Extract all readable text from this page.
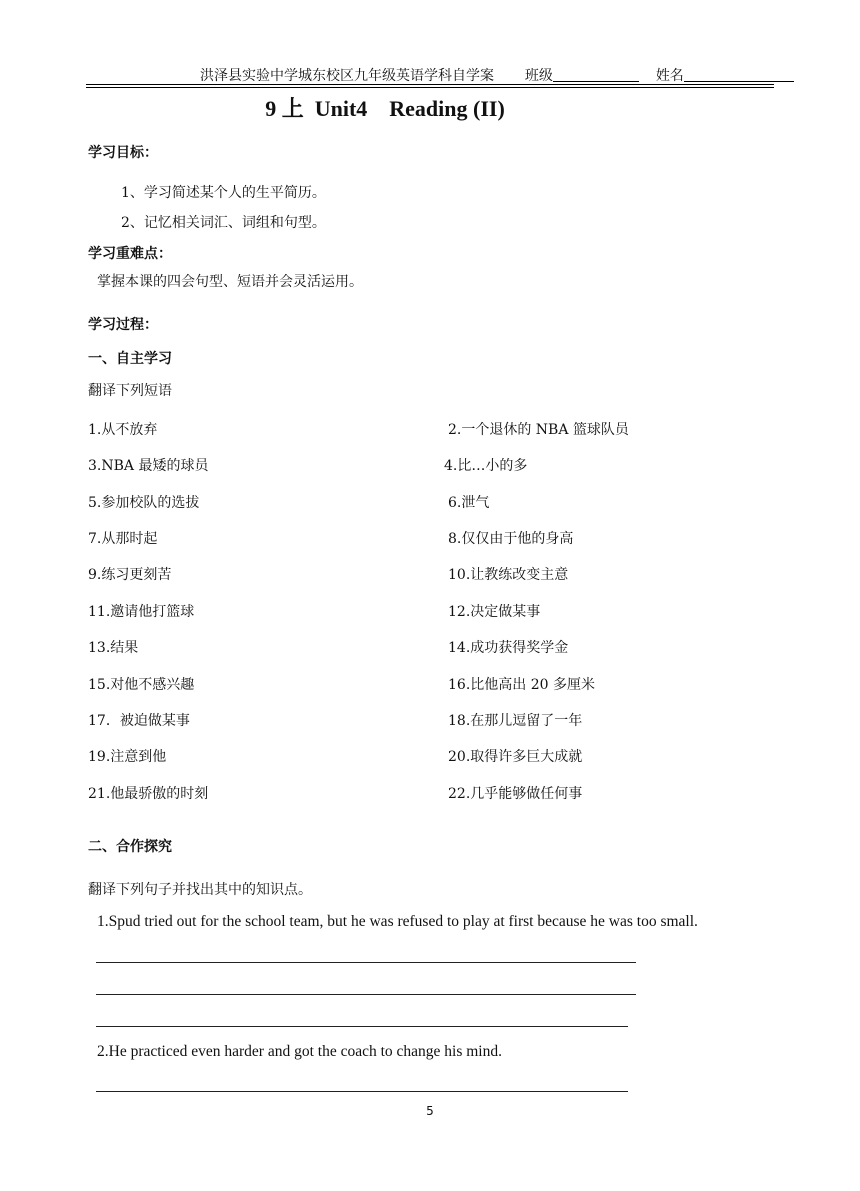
洪泽县实验中学城东校区九年级英语学科自学案 班级	姓名
9 上  Unit4    Reading (II)
学习目标：
1、学习简述某个人的生平简历。
2、记忆相关词汇、词组和句型。
学习重难点：
掌握本课的四会句型、短语并会灵活运用。
学习过程：
一、自主学习
翻译下列短语
1.从不放弃	2.一个退休的 NBA 篮球队员
3.NBA 最矮的球员	4.比…小的多
5.参加校队的选拔	6.泄气
7.从那时起	8.仅仅由于他的身高
9.练习更刻苦	10.让教练改变主意
11.邀请他打篮球	12.决定做某事
13.结果	14.成功获得奖学金
15.对他不感兴趣	16.比他高出 20 多厘米
17．被迫做某事	18.在那儿逗留了一年
19.注意到他	20.取得许多巨大成就
21.他最骄傲的时刻	22.几乎能够做任何事
二、合作探究
翻译下列句子并找出其中的知识点。
1.Spud tried out for the school team, but he was refused to play at first because he was too small.
2.He practiced even harder and got the coach to change his mind.
5
